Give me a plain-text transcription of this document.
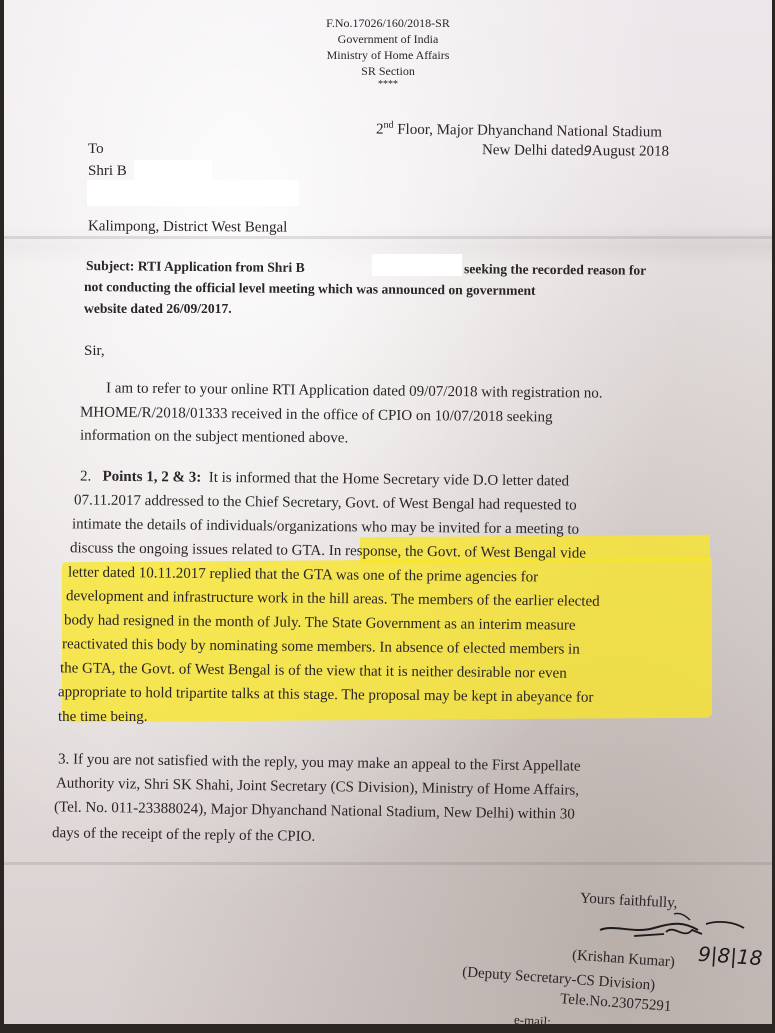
F.No.17026/160/2018-SR
Government of India
Ministry of Home Affairs
SR Section
****
2nd Floor, Major Dhyanchand National Stadium
New Delhi dated9August 2018
To
Shri B
Kalimpong, District West Bengal
Subject: RTI Application from Shri B	seeking the recorded reason for
not conducting the official level meeting which was announced on government
website dated 26/09/2017.
Sir,
I am to refer to your online RTI Application dated 09/07/2018 with registration no.
MHOME/R/2018/01333 received in the office of CPIO on 10/07/2018 seeking
information on the subject mentioned above.
2. Points 1, 2 & 3: It is informed that the Home Secretary vide D.O letter dated
07.11.2017 addressed to the Chief Secretary, Govt. of West Bengal had requested to
intimate the details of individuals/organizations who may be invited for a meeting to
discuss the ongoing issues related to GTA. In response, the Govt. of West Bengal vide
letter dated 10.11.2017 replied that the GTA was one of the prime agencies for
development and infrastructure work in the hill areas. The members of the earlier elected
body had resigned in the month of July. The State Government as an interim measure
reactivated this body by nominating some members. In absence of elected members in
the GTA, the Govt. of West Bengal is of the view that it is neither desirable nor even
appropriate to hold tripartite talks at this stage. The proposal may be kept in abeyance for
the time being.
3. If you are not satisfied with the reply, you may make an appeal to the First Appellate
Authority viz, Shri SK Shahi, Joint Secretary (CS Division), Ministry of Home Affairs,
(Tel. No. 011-23388024), Major Dhyanchand National Stadium, New Delhi) within 30
days of the receipt of the reply of the CPIO.
Yours faithfully,
9|8|18
(Krishan Kumar)
(Deputy Secretary-CS Division)
Tele.No.23075291
e-mail:
